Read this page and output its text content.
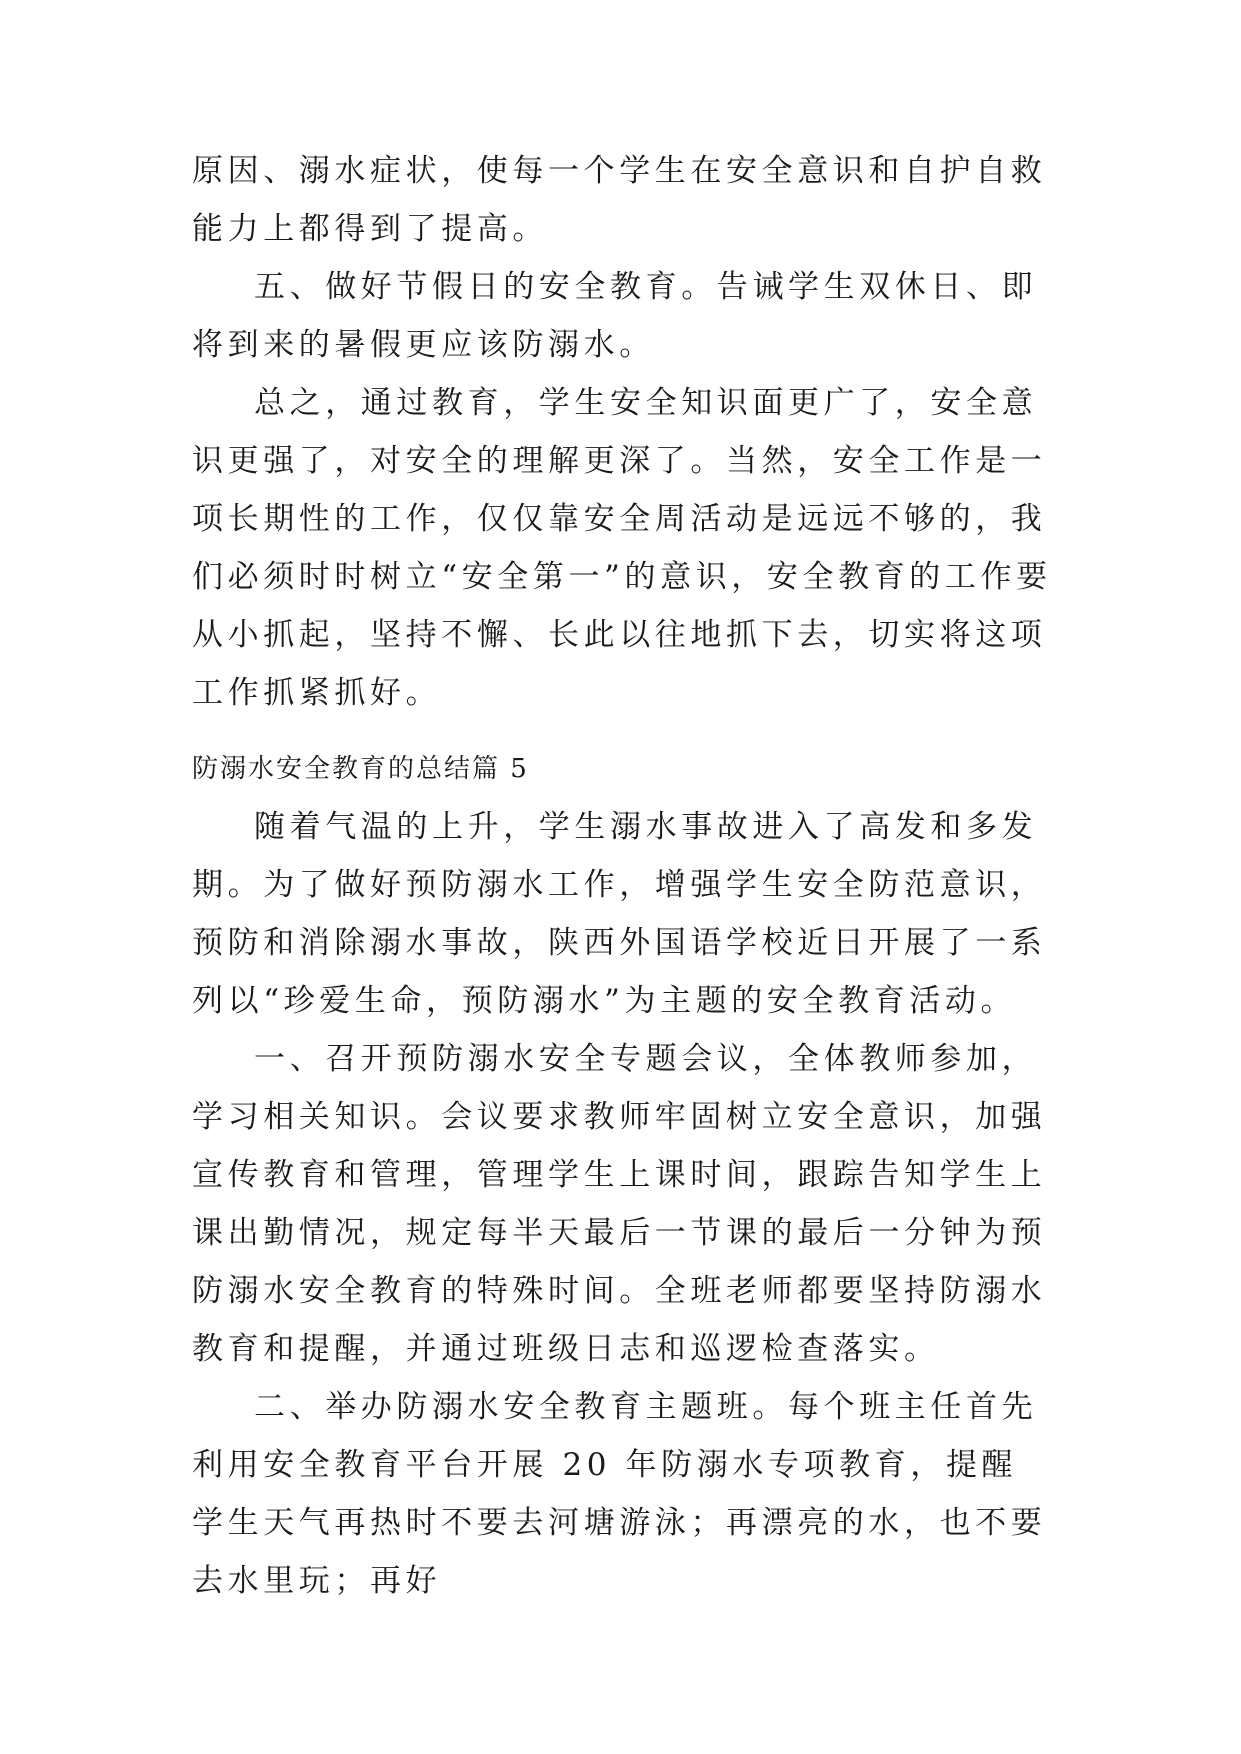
原因、溺水症状，使每一个学生在安全意识和自护自救能力上都得到了提高。

五、做好节假日的安全教育。告诫学生双休日、即将到来的暑假更应该防溺水。

总之，通过教育，学生安全知识面更广了，安全意识更强了，对安全的理解更深了。当然，安全工作是一项长期性的工作，仅仅靠安全周活动是远远不够的，我们必须时时树立“安全第一”的意识，安全教育的工作要从小抓起，坚持不懈、长此以往地抓下去，切实将这项工作抓紧抓好。

防溺水安全教育的总结篇 5

随着气温的上升，学生溺水事故进入了高发和多发期。为了做好预防溺水工作，增强学生安全防范意识，预防和消除溺水事故，陕西外国语学校近日开展了一系列以“珍爱生命，预防溺水”为主题的安全教育活动。

一、召开预防溺水安全专题会议，全体教师参加，学习相关知识。会议要求教师牢固树立安全意识，加强宣传教育和管理，管理学生上课时间，跟踪告知学生上课出勤情况，规定每半天最后一节课的最后一分钟为预防溺水安全教育的特殊时间。全班老师都要坚持防溺水教育和提醒，并通过班级日志和巡逻检查落实。

二、举办防溺水安全教育主题班。每个班主任首先利用安全教育平台开展 20 年防溺水专项教育，提醒学生天气再热时不要去河塘游泳；再漂亮的水，也不要去水里玩；再好
